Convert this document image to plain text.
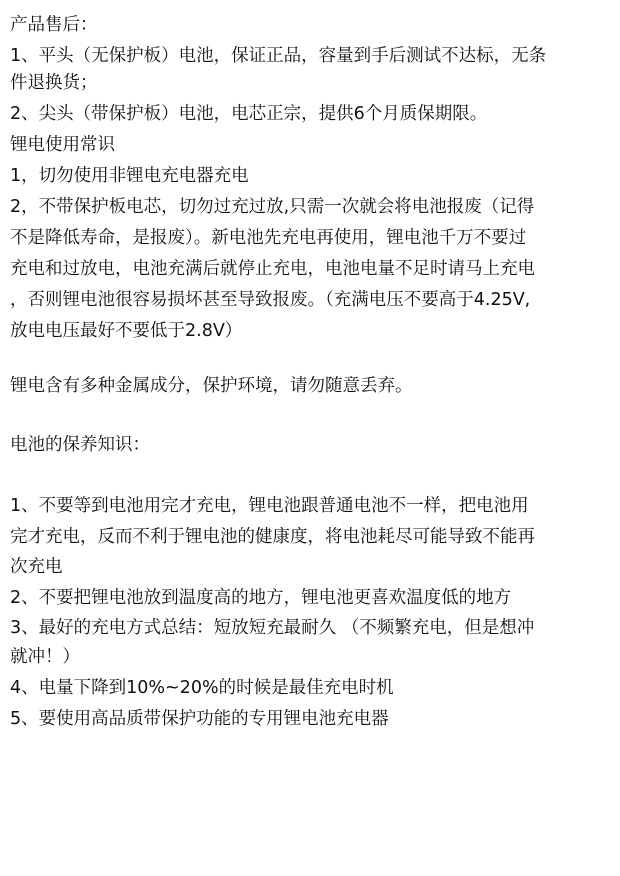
产品售后：
1、平头（无保护板）电池，保证正品，容量到手后测试不达标，无条
件退换货；
2、尖头（带保护板）电池，电芯正宗，提供6个月质保期限。
锂电使用常识
1，切勿使用非锂电充电器充电
2，不带保护板电芯，切勿过充过放,只需一次就会将电池报废（记得
不是降低寿命，是报废）。新电池先充电再使用，锂电池千万不要过
充电和过放电，电池充满后就停止充电，电池电量不足时请马上充电
，否则锂电池很容易损坏甚至导致报废。（充满电压不要高于4.25V,
放电电压最好不要低于2.8V）
锂电含有多种金属成分，保护环境，请勿随意丢弃。
电池的保养知识：
1、不要等到电池用完才充电，锂电池跟普通电池不一样，把电池用
完才充电，反而不利于锂电池的健康度，将电池耗尽可能导致不能再
次充电
2、不要把锂电池放到温度高的地方，锂电池更喜欢温度低的地方
3、最好的充电方式总结：短放短充最耐久 （不频繁充电，但是想冲
就冲！）
4、电量下降到10%~20%的时候是最佳充电时机
5、要使用高品质带保护功能的专用锂电池充电器
